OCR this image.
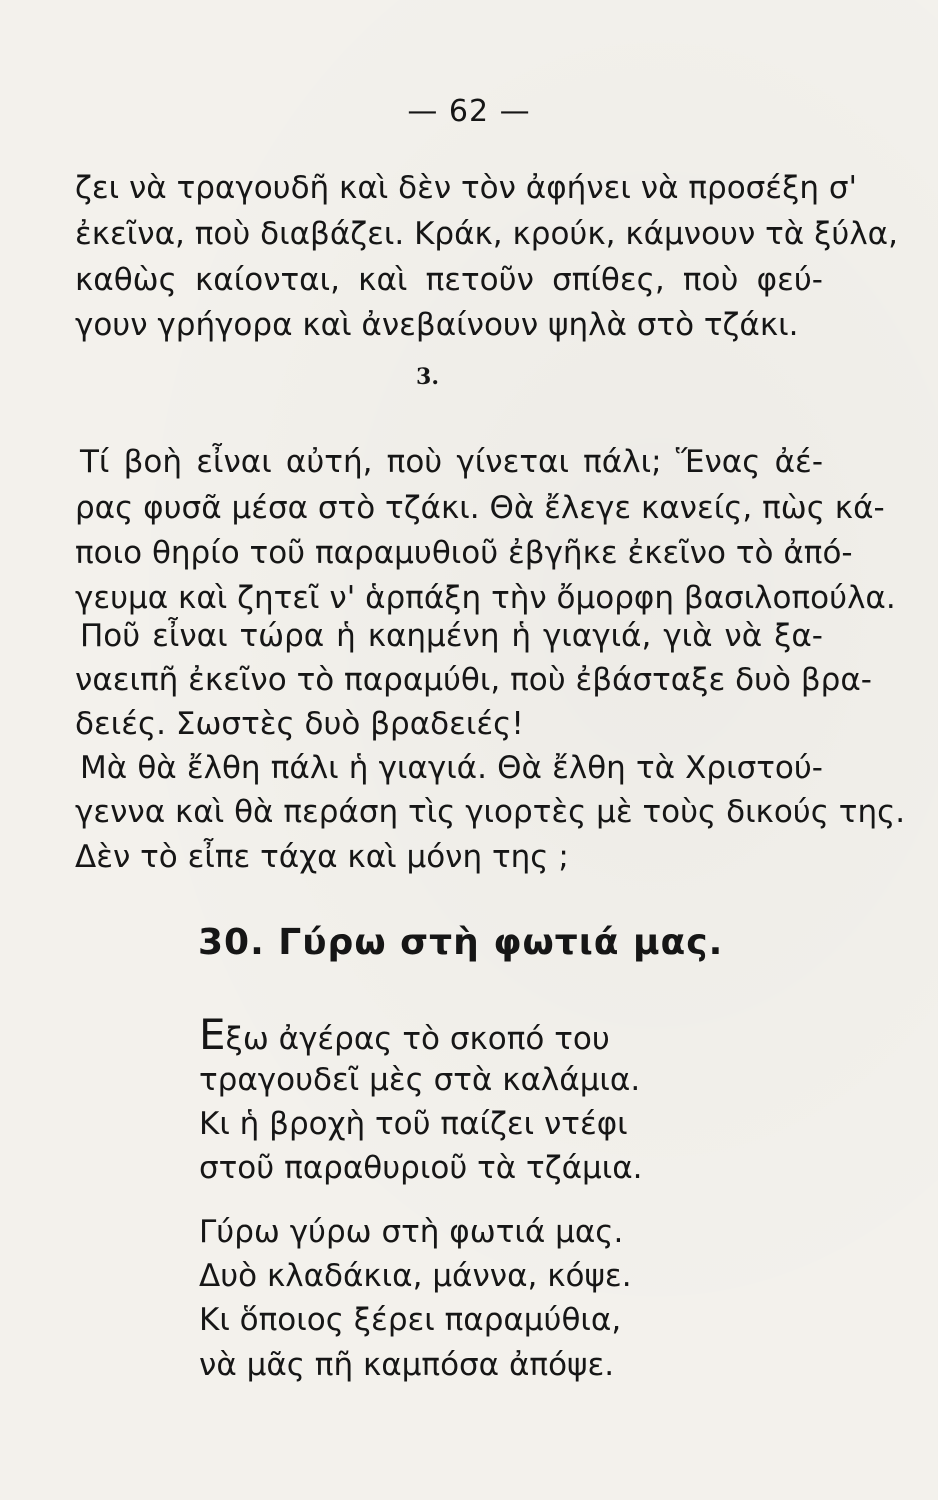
— 62 —
ζει νὰ τραγουδῆ καὶ δὲν τὸν ἀφήνει νὰ προσέξη σ'
ἐκεῖνα, ποὺ διαβάζει. Κράκ, κρούκ, κάμνουν τὰ ξύλα,
καθὼς καίονται, καὶ πετοῦν σπίθες, ποὺ φεύ-
γουν γρήγορα καὶ ἀνεβαίνουν ψηλὰ στὸ τζάκι.
3.
Τί βοὴ εἶναι αὐτή, ποὺ γίνεται πάλι; Ἕνας ἀέ-
ρας φυσᾶ μέσα στὸ τζάκι. Θὰ ἔλεγε κανείς, πὼς κά-
ποιο θηρίο τοῦ παραμυθιοῦ ἐβγῆκε ἐκεῖνο τὸ ἀπό-
γευμα καὶ ζητεῖ ν' ἁρπάξη τὴν ὄμορφη βασιλοπούλα.
Ποῦ εἶναι τώρα ἡ καημένη ἡ γιαγιά, γιὰ νὰ ξα-
ναειπῆ ἐκεῖνο τὸ παραμύθι, ποὺ ἐβάσταξε δυὸ βρα-
δειές. Σωστὲς δυὸ βραδειές!
Μὰ θὰ ἔλθη πάλι ἡ γιαγιά. Θὰ ἔλθη τὰ Χριστού-
γεννα καὶ θὰ περάση τὶς γιορτὲς μὲ τοὺς δικούς της.
Δὲν τὸ εἶπε τάχα καὶ μόνη της ;
30. Γύρω στὴ φωτιά μας.
Εξω ἀγέρας τὸ σκοπό του
τραγουδεῖ μὲς στὰ καλάμια.
Κι ἡ βροχὴ τοῦ παίζει ντέφι
στοῦ παραθυριοῦ τὰ τζάμια.
Γύρω γύρω στὴ φωτιά μας.
Δυὸ κλαδάκια, μάννα, κόψε.
Κι ὅποιος ξέρει παραμύθια,
νὰ μᾶς πῆ καμπόσα ἀπόψε.
